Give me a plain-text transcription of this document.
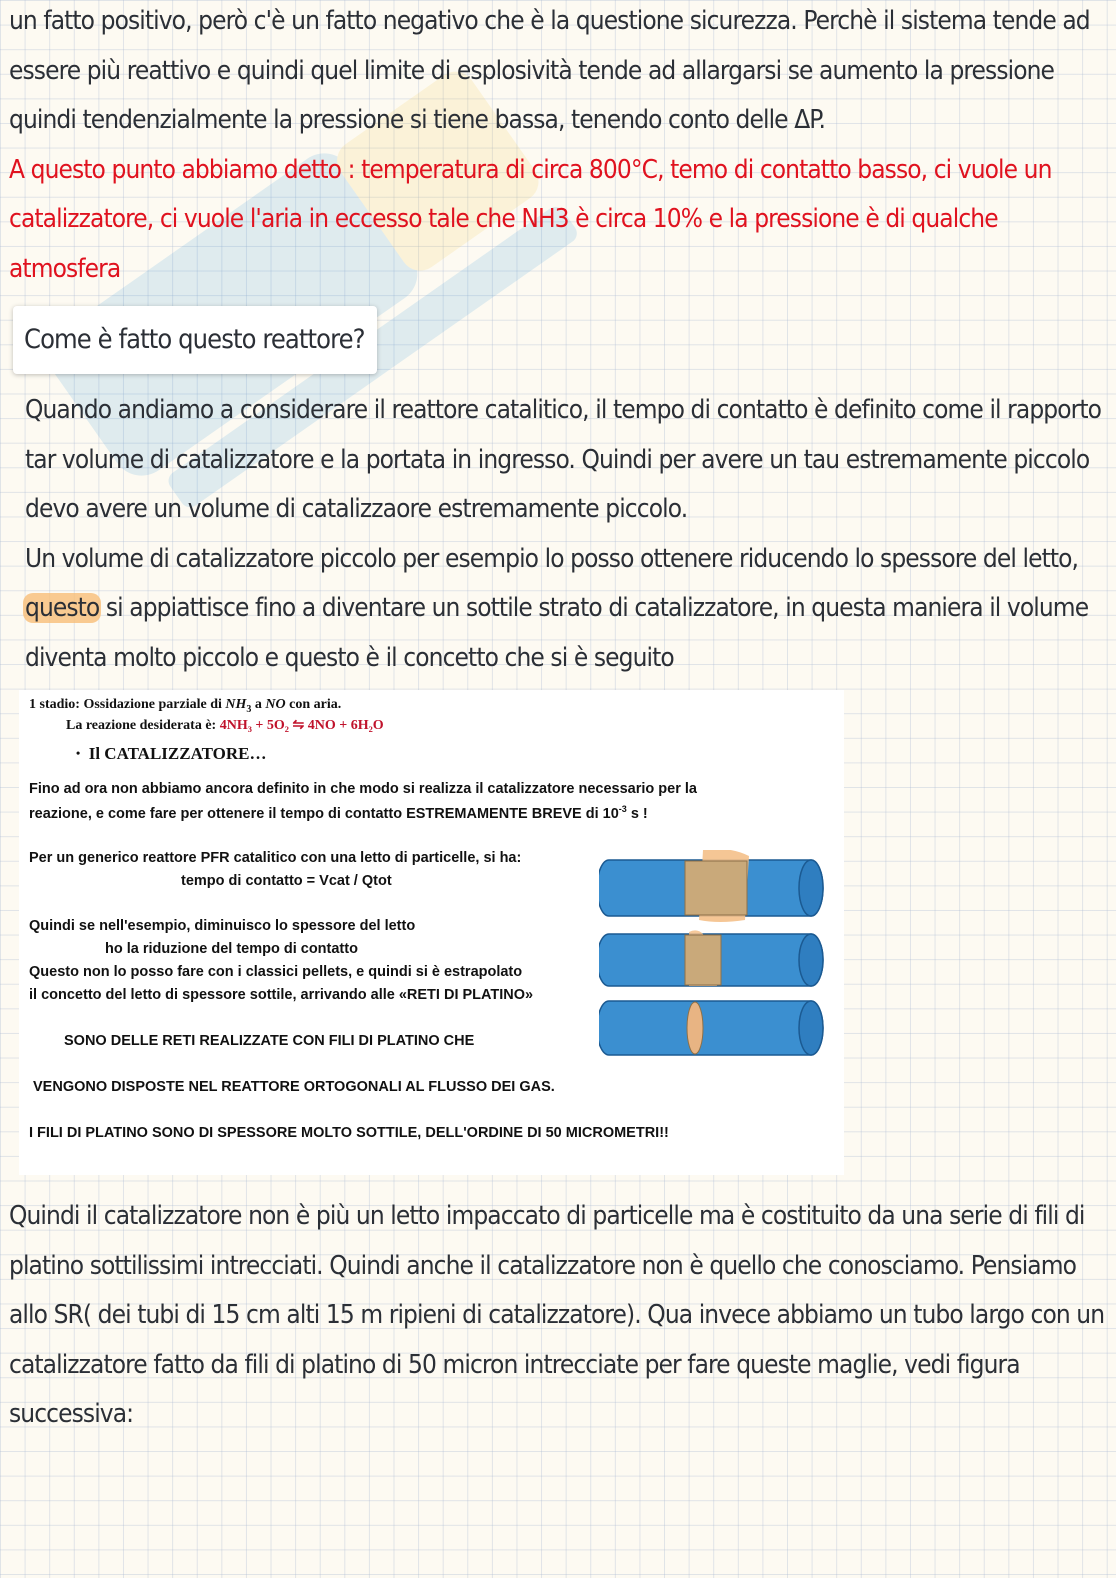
un fatto positivo, però c'è un fatto negativo che è la questione sicurezza. Perchè il sistema tende ad essere più reattivo e quindi quel limite di esplosività tende ad allargarsi se aumento la pressione quindi tendenzialmente la pressione si tiene bassa, tenendo conto delle ΔP.

A questo punto abbiamo detto : temperatura di circa 800°C, temo di contatto basso, ci vuole un catalizzatore, ci vuole l'aria in eccesso tale che NH3 è circa 10% e la pressione è di qualche atmosfera

Come è fatto questo reattore?

Quando andiamo a considerare il reattore catalitico, il tempo di contatto è definito come il rapporto tar volume di catalizzatore e la portata in ingresso. Quindi per avere un tau estremamente piccolo devo avere un volume di catalizzaore estremamente piccolo.

Un volume di catalizzatore piccolo per esempio lo posso ottenere riducendo lo spessore del letto, questo si appiattisce fino a diventare un sottile strato di catalizzatore, in questa maniera il volume diventa molto piccolo e questo è il concetto che si è seguito

1 stadio: Ossidazione parziale di $NH_3$ a NO con aria.
La reazione desiderata è: 4NH₃ + 5O₂ ⇋ 4NO + 6H₂O
• Il CATALIZZATORE…
Fino ad ora non abbiamo ancora definito in che modo si realizza il catalizzatore necessario per la
reazione, e come fare per ottenere il tempo di contatto ESTREMAMENTE BREVE di $10^{-3}$ s !
Per un generico reattore PFR catalitico con una letto di particelle, si ha:
tempo di contatto = Vcat / Qtot
Quindi se nell'esempio, diminuisco lo spessore del letto
ho la riduzione del tempo di contatto
Questo non lo posso fare con i classici pellets, e quindi si è estrapolato
il concetto del letto di spessore sottile, arrivando alle «RETI DI PLATINO»
SONO DELLE RETI REALIZZATE CON FILI DI PLATINO CHE
VENGONO DISPOSTE NEL REATTORE ORTOGONALI AL FLUSSO DEI GAS.
I FILI DI PLATINO SONO DI SPESSORE MOLTO SOTTILE, DELL'ORDINE DI 50 MICROMETRI!!
Quindi il catalizzatore non è più un letto impaccato di particelle ma è costituito da una serie di fili di platino sottilissimi intrecciati. Quindi anche il catalizzatore non è quello che conosciamo. Pensiamo allo SR( dei tubi di 15 cm alti 15 m ripieni di catalizzatore). Qua invece abbiamo un tubo largo con un catalizzatore fatto da fili di platino di 50 micron intrecciate per fare queste maglie, vedi figura successiva:
